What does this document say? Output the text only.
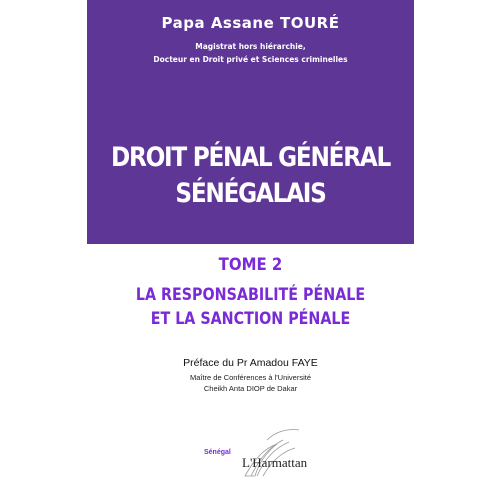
Papa Assane TOURÉ
Magistrat hors hiérarchie,
Docteur en Droit privé et Sciences criminelles
DROIT PÉNAL GÉNÉRAL
SÉNÉGALAIS
TOME 2
LA RESPONSABILITÉ PÉNALE
ET LA SANCTION PÉNALE
Préface du Pr Amadou FAYE
Maître de Conférences à l'Université
Cheikh Anta DIOP de Dakar
Sénégal
L'Harmattan
